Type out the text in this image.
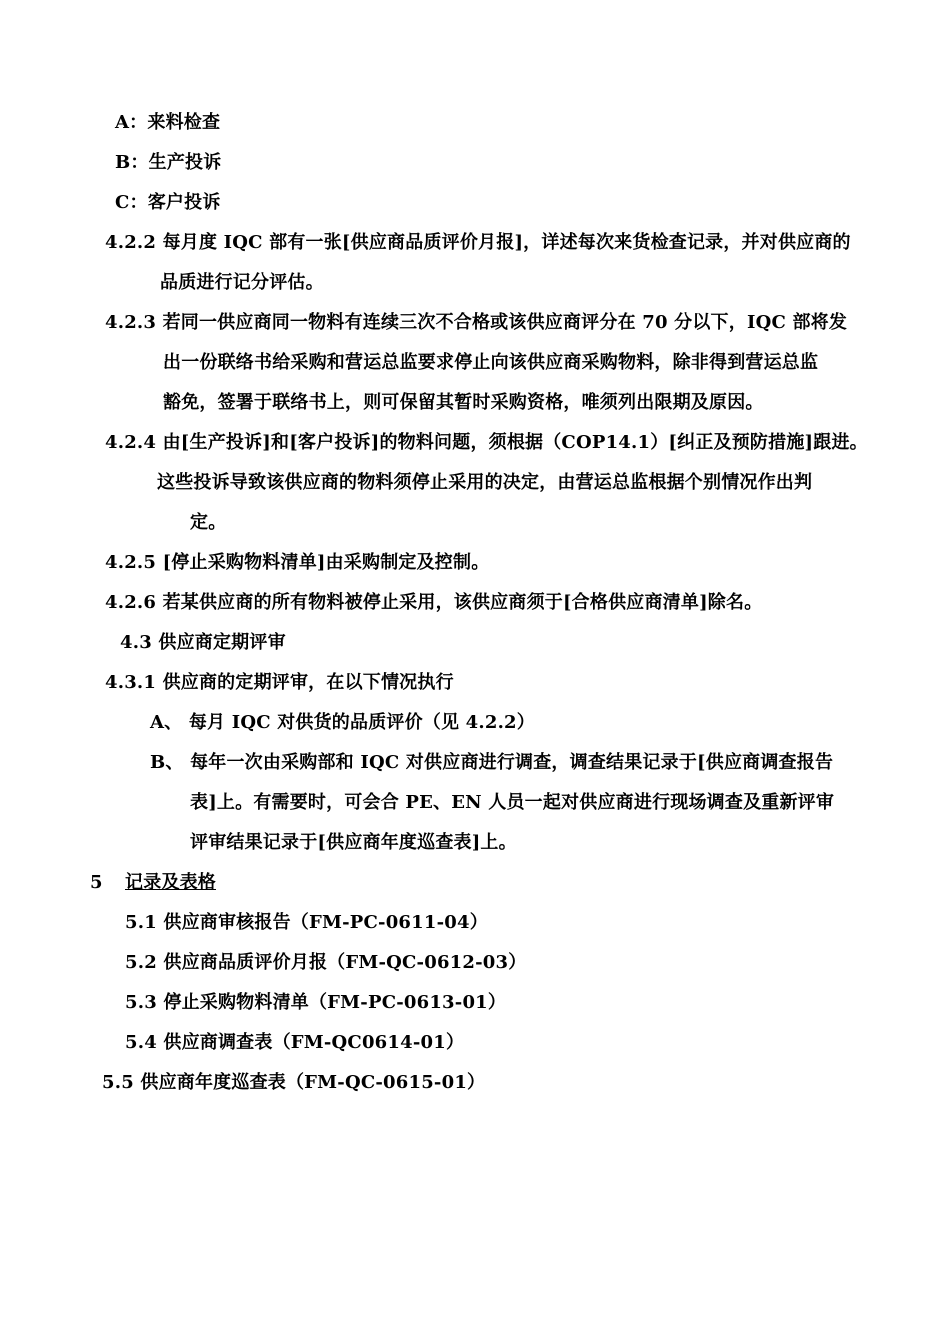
A：来料检查
B：生产投诉
C：客户投诉
4.2.2 每月度 IQC 部有一张[供应商品质评价月报]，详述每次来货检查记录，并对供应商的
品质进行记分评估。
4.2.3 若同一供应商同一物料有连续三次不合格或该供应商评分在 70 分以下，IQC 部将发
出一份联络书给采购和营运总监要求停止向该供应商采购物料，除非得到营运总监
豁免，签署于联络书上，则可保留其暂时采购资格，唯须列出限期及原因。
4.2.4 由[生产投诉]和[客户投诉]的物料问题，须根据（COP14.1）[纠正及预防措施]跟进。
这些投诉导致该供应商的物料须停止采用的决定，由营运总监根据个别情况作出判
定。
4.2.5 [停止采购物料清单]由采购制定及控制。
4.2.6 若某供应商的所有物料被停止采用，该供应商须于[合格供应商清单]除名。
4.3 供应商定期评审
4.3.1 供应商的定期评审，在以下情况执行
A、 每月 IQC 对供货的品质评价（见 4.2.2）
B、 每年一次由采购部和 IQC 对供应商进行调查，调查结果记录于[供应商调查报告
表]上。有需要时，可会合 PE、EN 人员一起对供应商进行现场调查及重新评审
评审结果记录于[供应商年度巡查表]上。
5 记录及表格
5.1 供应商审核报告（FM-PC-0611-04）
5.2 供应商品质评价月报（FM-QC-0612-03）
5.3 停止采购物料清单（FM-PC-0613-01）
5.4 供应商调查表（FM-QC0614-01）
5.5 供应商年度巡查表（FM-QC-0615-01）
